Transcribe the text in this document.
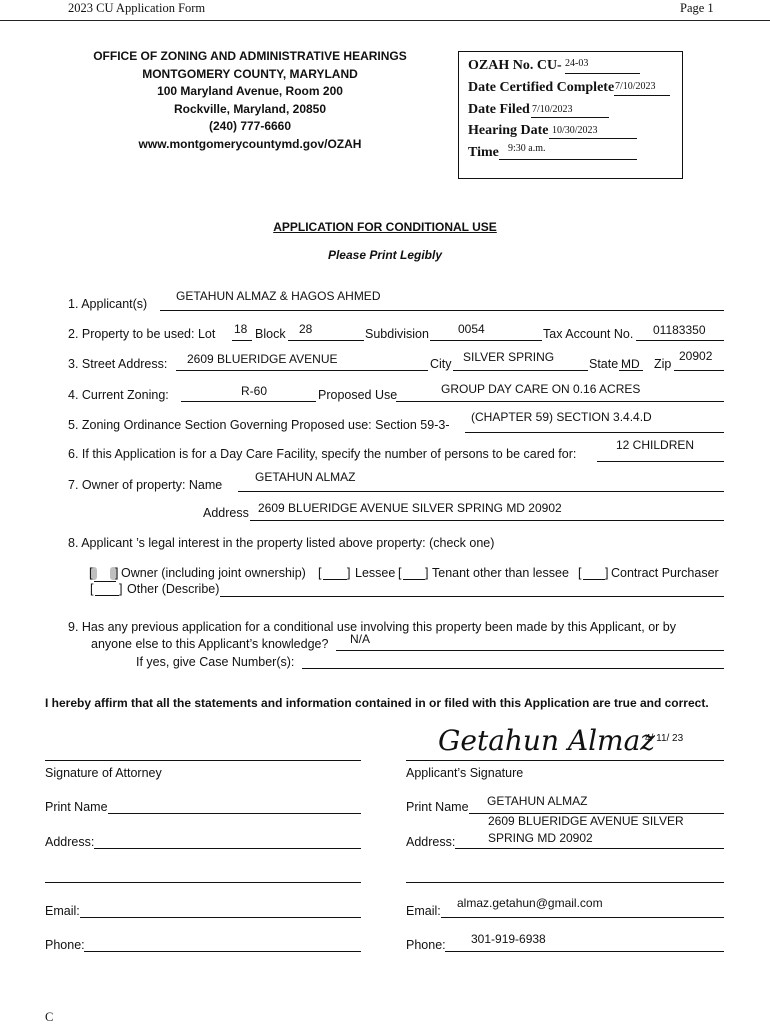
2023 CU Application Form	Page 1
OFFICE OF ZONING AND ADMINISTRATIVE HEARINGS
MONTGOMERY COUNTY, MARYLAND
100 Maryland Avenue, Room 200
Rockville, Maryland, 20850
(240) 777-6660
www.montgomerycountymd.gov/OZAH
OZAH No. CU- 24-03
Date Certified Complete 7/10/2023
Date Filed 7/10/2023
Hearing Date 10/30/2023
Time 9:30 a.m.
APPLICATION FOR CONDITIONAL USE
Please Print Legibly
1. Applicant(s)
GETAHUN ALMAZ & HAGOS AHMED
2. Property to be used: Lot 18 Block 28	Subdivision 0054	Tax Account No. 01183350
3. Street Address: 2609 BLUERIDGE AVENUE	City SILVER SPRING	State MD Zip
20902
4. Current Zoning:	R-60	Proposed Use	GROUP DAY CARE ON 0.16 ACRES
5. Zoning Ordinance Section Governing Proposed use: Section 59-3-
(CHAPTER 59) SECTION 3.4.4.D
6. If this Application is for a Day Care Facility, specify the number of persons to be cared for:
12 CHILDREN
7. Owner of property: Name
GETAHUN ALMAZ
Address 2609 BLUERIDGE AVENUE SILVER SPRING MD 20902
8. Applicant ’s legal interest in the property listed above property: (check one)
[ ] Owner (including joint ownership) [ ] Lessee [ ] Tenant other than lessee [ ] Contract Purchaser
[ ] Other (Describe)
9. Has any previous application for a conditional use involving this property been made by this Applicant, or by
anyone else to this Applicant’s knowledge? N/A
If yes, give Case Number(s):
I hereby affirm that all the statements and information contained in or filed with this Application are true and correct.
Signature of Attorney
Getahun Almaz
4/ 11/ 23
Applicant’s Signature
Print Name	Print Name GETAHUN ALMAZ
Address:	Address:
2609 BLUERIDGE AVENUE SILVER
SPRING MD 20902
Email:	Email:
almaz.getahun@gmail.com
Phone:	Phone: 301-919-6938
C
